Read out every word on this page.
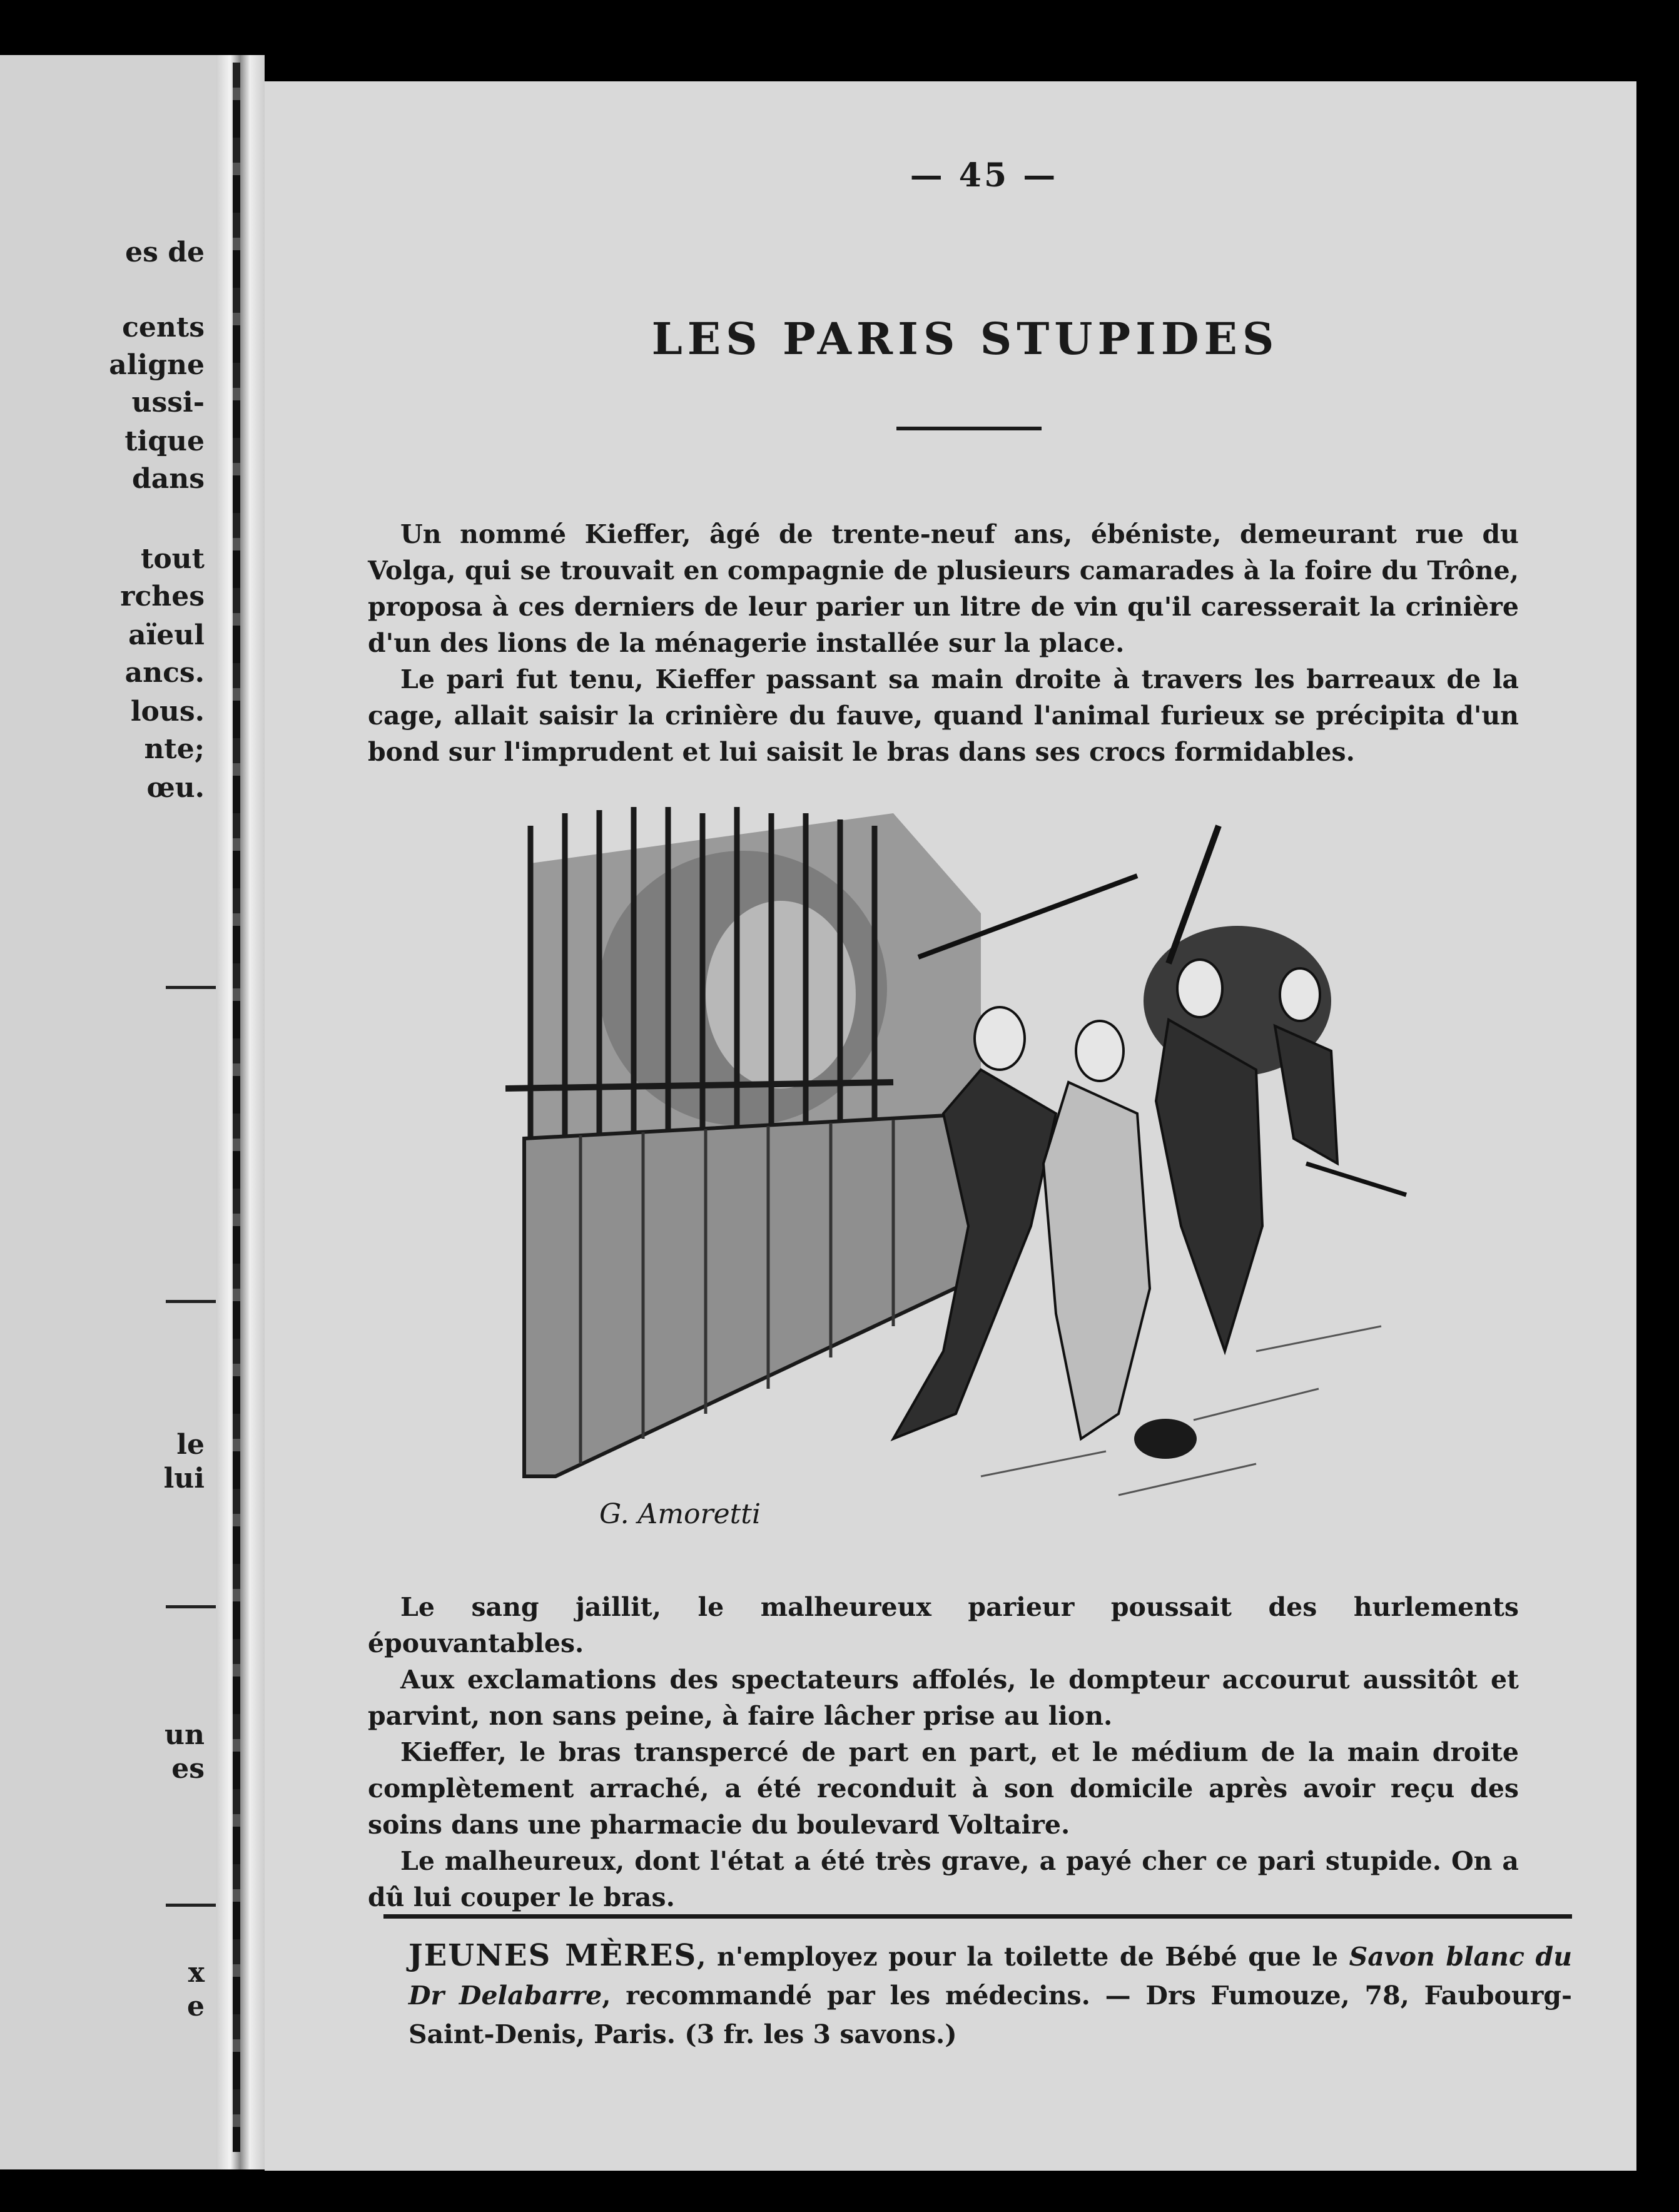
es de
cents
aligne
ussi-
tique
dans
tout
rches
aïeul
ancs.
lous.
nte;
œu.
le
lui
un
es
x
e
— 45 —
LES PARIS STUPIDES

Un nommé Kieffer, âgé de trente-neuf ans, ébéniste, demeurant rue du Volga, qui se trouvait en compagnie de plusieurs camarades à la foire du Trône, proposa à ces derniers de leur parier un litre de vin qu'il caresserait la crinière d'un des lions de la ménagerie installée sur la place.

Le pari fut tenu, Kieffer passant sa main droite à travers les barreaux de la cage, allait saisir la crinière du fauve, quand l'animal furieux se précipita d'un bond sur l'imprudent et lui saisit le bras dans ses crocs formidables.

G. Amoretti

Le sang jaillit, le malheureux parieur poussait des hurlements épouvantables.

Aux exclamations des spectateurs affolés, le dompteur accourut aussitôt et parvint, non sans peine, à faire lâcher prise au lion.

Kieffer, le bras transpercé de part en part, et le médium de la main droite complètement arraché, a été reconduit à son domicile après avoir reçu des soins dans une pharmacie du boulevard Voltaire.

Le malheureux, dont l'état a été très grave, a payé cher ce pari stupide. On a dû lui couper le bras.

JEUNES MÈRES, n'employez pour la toilette de Bébé que le Savon blanc du Dr Delabarre, recommandé par les médecins. — Drs Fumouze, 78, Faubourg-Saint-Denis, Paris. (3 fr. les 3 savons.)
